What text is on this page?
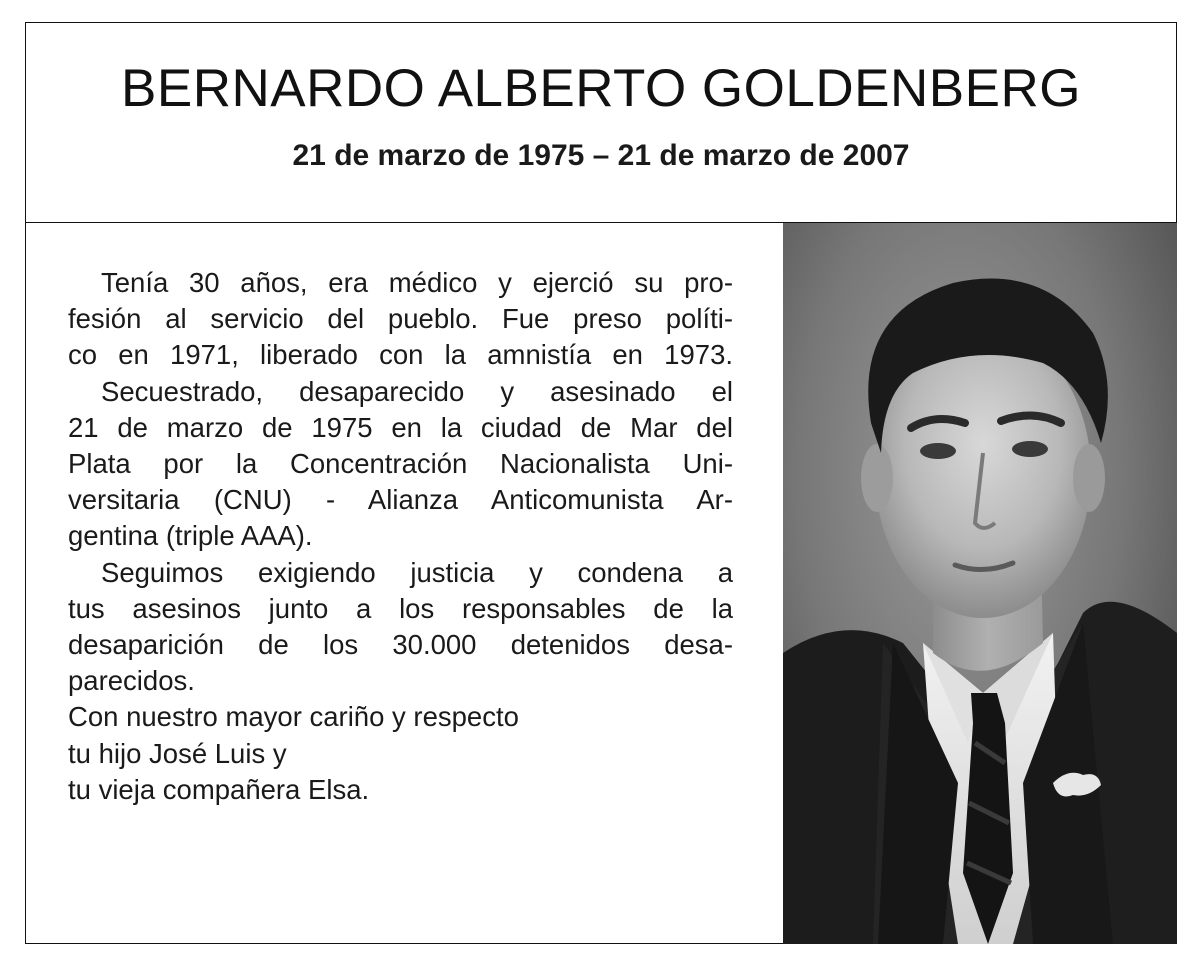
BERNARDO ALBERTO GOLDENBERG
21 de marzo de 1975 – 21 de marzo de 2007
Tenía 30 años, era médico y ejerció su pro-
fesión al servicio del pueblo. Fue preso políti-
co en 1971, liberado con la amnistía en 1973.
Secuestrado, desaparecido y asesinado el
21 de marzo de 1975 en la ciudad de Mar del
Plata por la Concentración Nacionalista Uni-
versitaria (CNU) - Alianza Anticomunista Ar-
gentina (triple AAA).
Seguimos exigiendo justicia y condena a
tus asesinos junto a los responsables de la
desaparición de los 30.000 detenidos desa-
parecidos.
Con nuestro mayor cariño y respecto
tu hijo José Luis y
tu vieja compañera Elsa.
